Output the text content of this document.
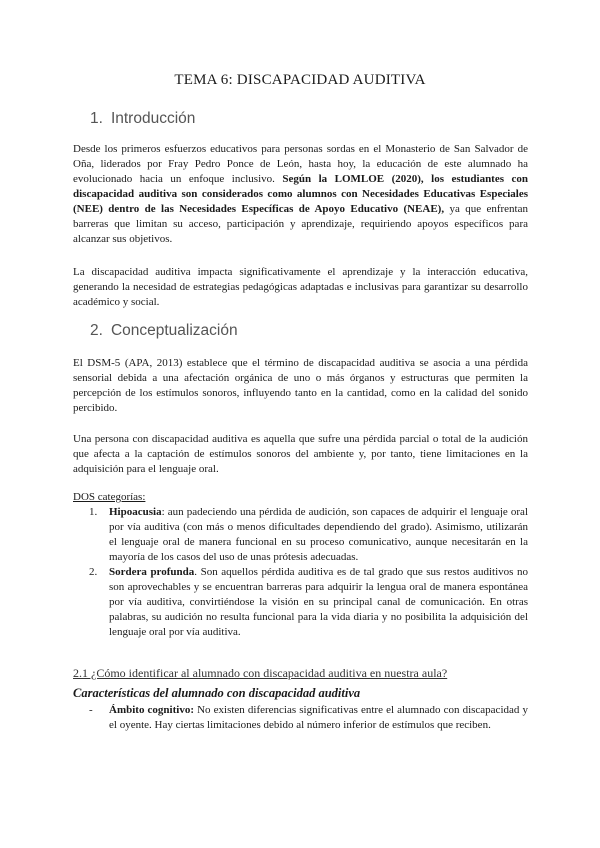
TEMA 6: DISCAPACIDAD AUDITIVA
1. Introducción
Desde los primeros esfuerzos educativos para personas sordas en el Monasterio de San Salvador de Oña, liderados por Fray Pedro Ponce de León, hasta hoy, la educación de este alumnado ha evolucionado hacia un enfoque inclusivo. Según la LOMLOE (2020), los estudiantes con discapacidad auditiva son considerados como alumnos con Necesidades Educativas Especiales (NEE) dentro de las Necesidades Específicas de Apoyo Educativo (NEAE), ya que enfrentan barreras que limitan su acceso, participación y aprendizaje, requiriendo apoyos específicos para alcanzar sus objetivos.
La discapacidad auditiva impacta significativamente el aprendizaje y la interacción educativa, generando la necesidad de estrategias pedagógicas adaptadas e inclusivas para garantizar su desarrollo académico y social.
2. Conceptualización
El DSM-5 (APA, 2013) establece que el término de discapacidad auditiva se asocia a una pérdida sensorial debida a una afectación orgánica de uno o más órganos y estructuras que permiten la percepción de los estímulos sonoros, influyendo tanto en la cantidad, como en la calidad del sonido percibido.
Una persona con discapacidad auditiva es aquella que sufre una pérdida parcial o total de la audición que afecta a la captación de estímulos sonoros del ambiente y, por tanto, tiene limitaciones en la adquisición para el lenguaje oral.
DOS categorías:
1. Hipoacusia: aun padeciendo una pérdida de audición, son capaces de adquirir el lenguaje oral por vía auditiva (con más o menos dificultades dependiendo del grado). Asimismo, utilizarán el lenguaje oral de manera funcional en su proceso comunicativo, aunque necesitarán en la mayoría de los casos del uso de unas prótesis adecuadas.
2. Sordera profunda. Son aquellos pérdida auditiva es de tal grado que sus restos auditivos no son aprovechables y se encuentran barreras para adquirir la lengua oral de manera espontánea por vía auditiva, convirtiéndose la visión en su principal canal de comunicación. En otras palabras, su audición no resulta funcional para la vida diaria y no posibilita la adquisición del lenguaje oral por vía auditiva.
2.1 ¿Cómo identificar al alumnado con discapacidad auditiva en nuestra aula?
Características del alumnado con discapacidad auditiva
- Ámbito cognitivo: No existen diferencias significativas entre el alumnado con discapacidad y el oyente. Hay ciertas limitaciones debido al número inferior de estímulos que reciben.
